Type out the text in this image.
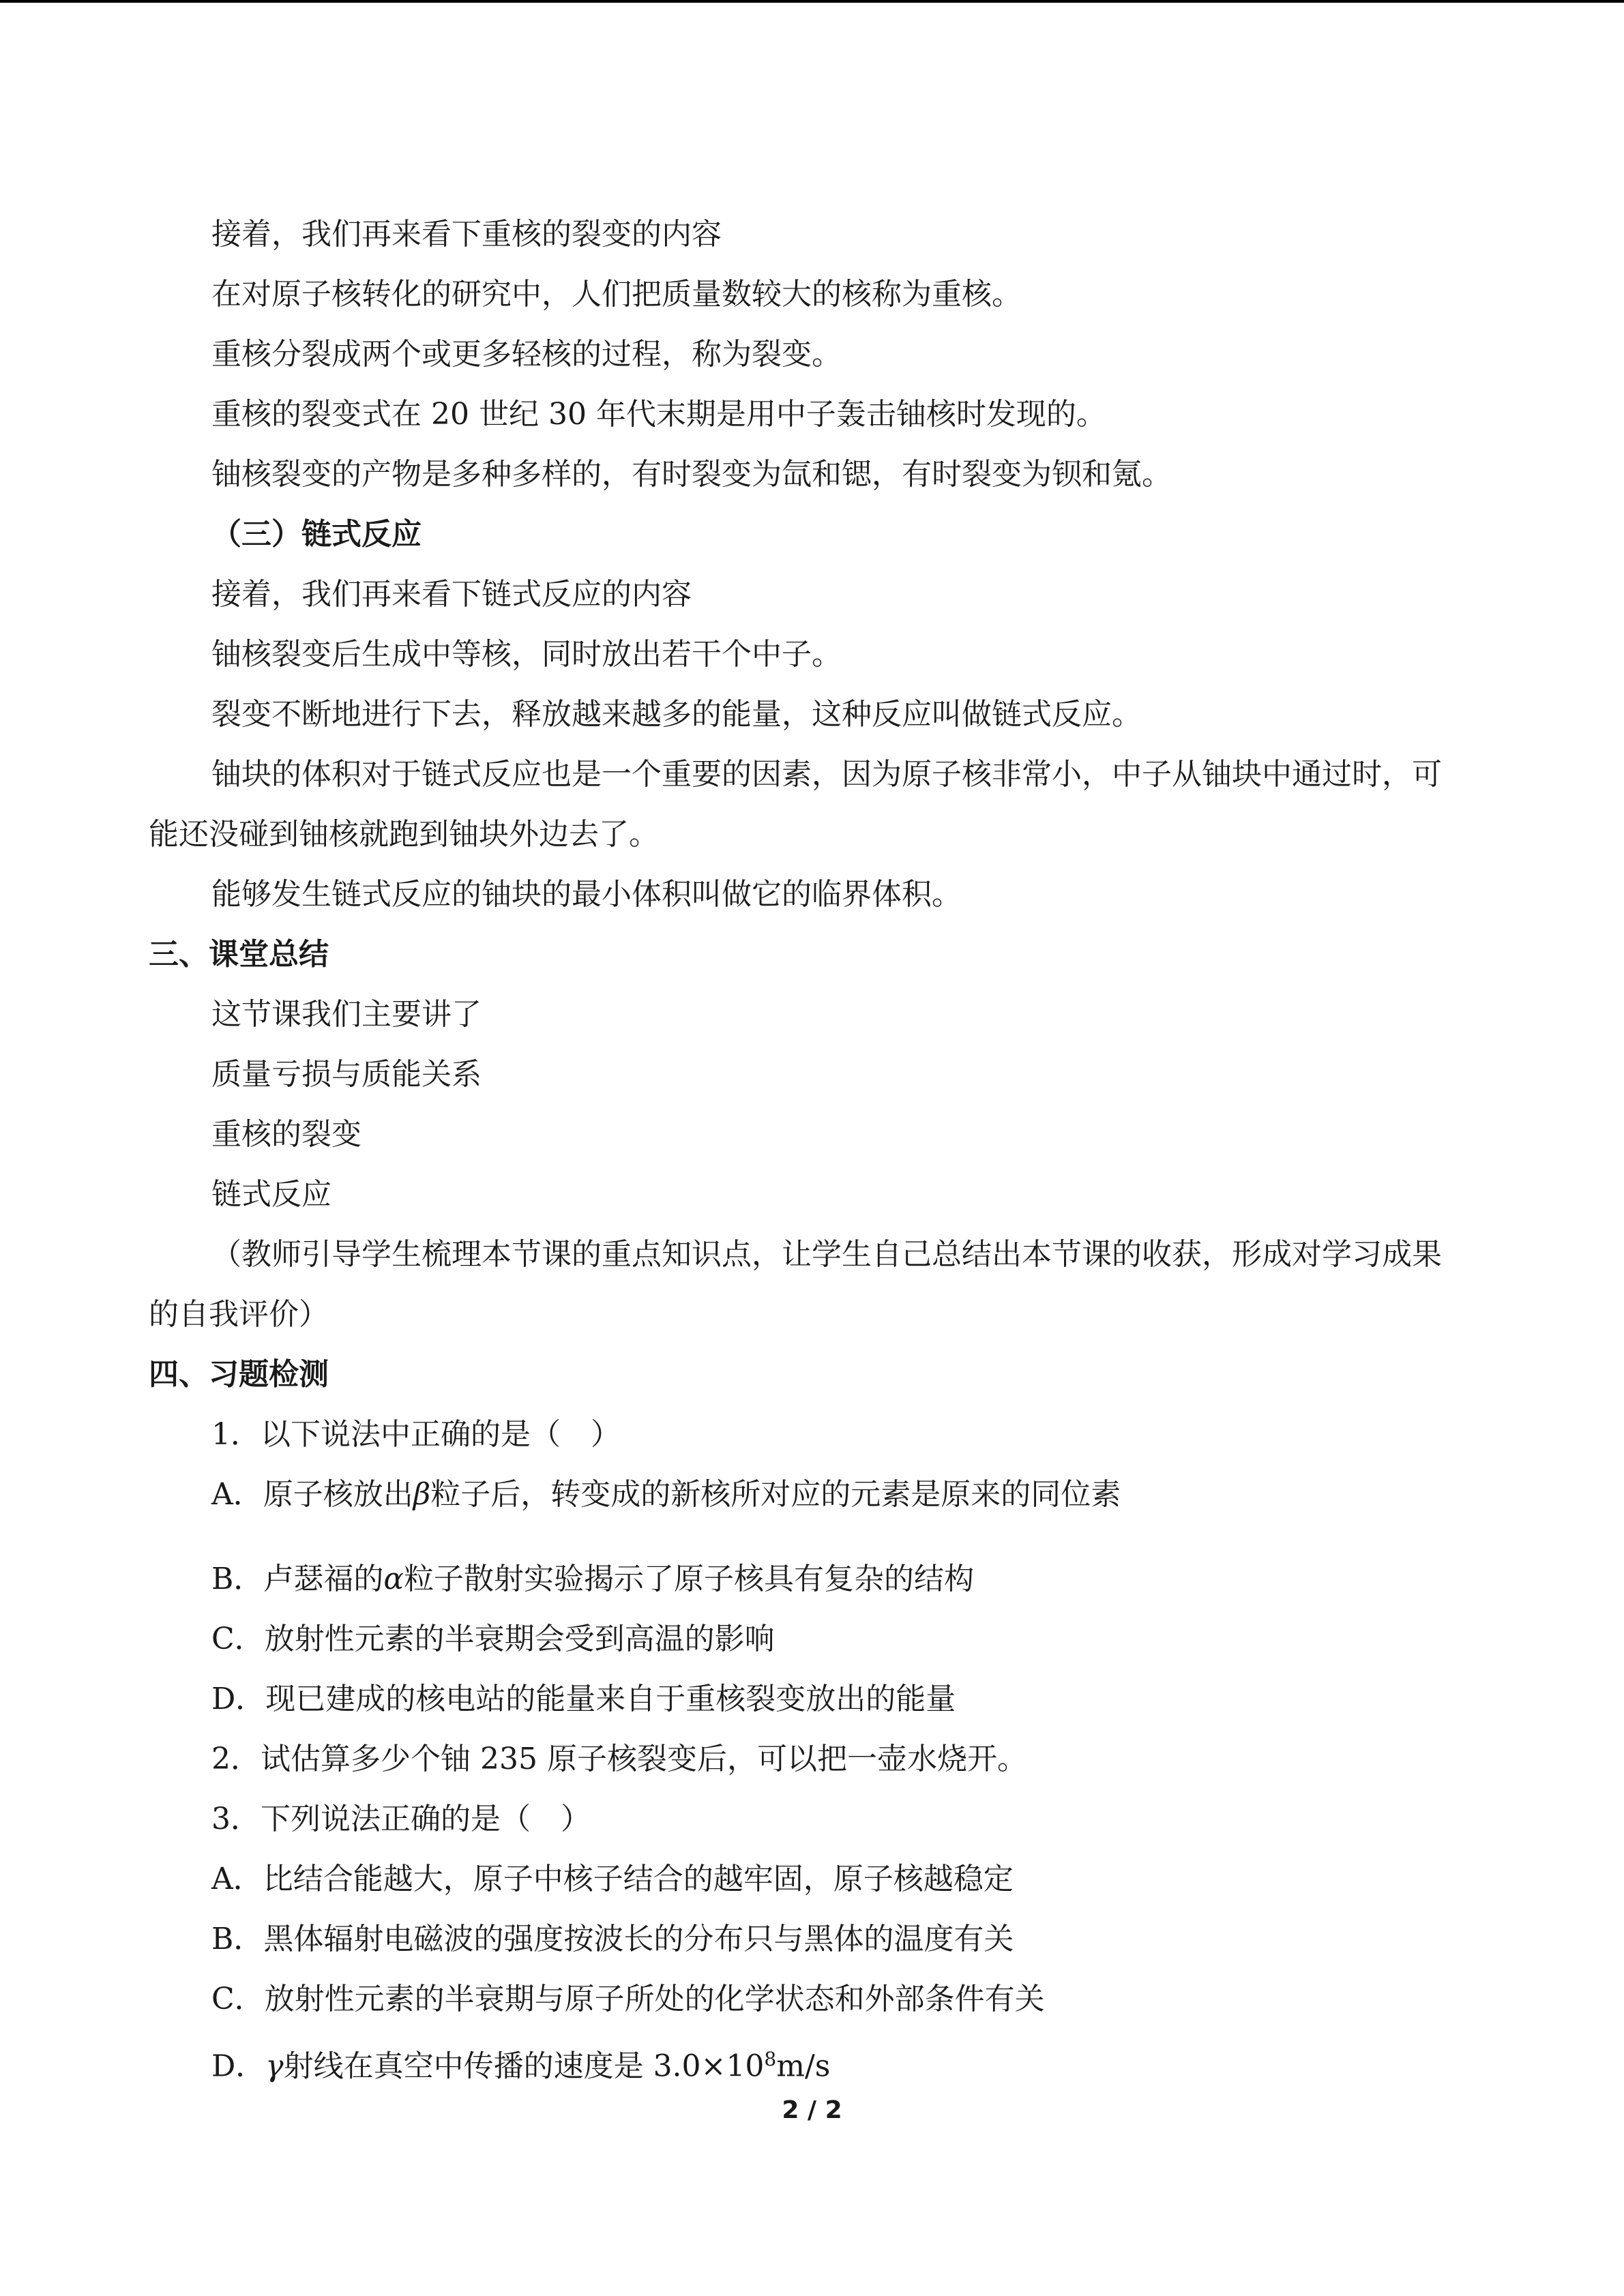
接着，我们再来看下重核的裂变的内容

在对原子核转化的研究中，人们把质量数较大的核称为重核。

重核分裂成两个或更多轻核的过程，称为裂变。

重核的裂变式在 20 世纪 30 年代末期是用中子轰击铀核时发现的。

铀核裂变的产物是多种多样的，有时裂变为氙和锶，有时裂变为钡和氪。

（三）链式反应

接着，我们再来看下链式反应的内容

铀核裂变后生成中等核，同时放出若干个中子。

裂变不断地进行下去，释放越来越多的能量，这种反应叫做链式反应。

铀块的体积对于链式反应也是一个重要的因素，因为原子核非常小，中子从铀块中通过时，可能还没碰到铀核就跑到铀块外边去了。

能够发生链式反应的铀块的最小体积叫做它的临界体积。

三、课堂总结

这节课我们主要讲了

质量亏损与质能关系

重核的裂变

链式反应

（教师引导学生梳理本节课的重点知识点，让学生自己总结出本节课的收获，形成对学习成果的自我评价）

四、习题检测

1．以下说法中正确的是（　）

A．原子核放出β粒子后，转变成的新核所对应的元素是原来的同位素

B．卢瑟福的α粒子散射实验揭示了原子核具有复杂的结构

C．放射性元素的半衰期会受到高温的影响

D．现已建成的核电站的能量来自于重核裂变放出的能量

2．试估算多少个铀 235 原子核裂变后，可以把一壶水烧开。

3．下列说法正确的是（　）

A．比结合能越大，原子中核子结合的越牢固，原子核越稳定

B．黑体辐射电磁波的强度按波长的分布只与黑体的温度有关

C．放射性元素的半衰期与原子所处的化学状态和外部条件有关

D．γ射线在真空中传播的速度是 $3.0\times 10^8m/s$

2 / 2
